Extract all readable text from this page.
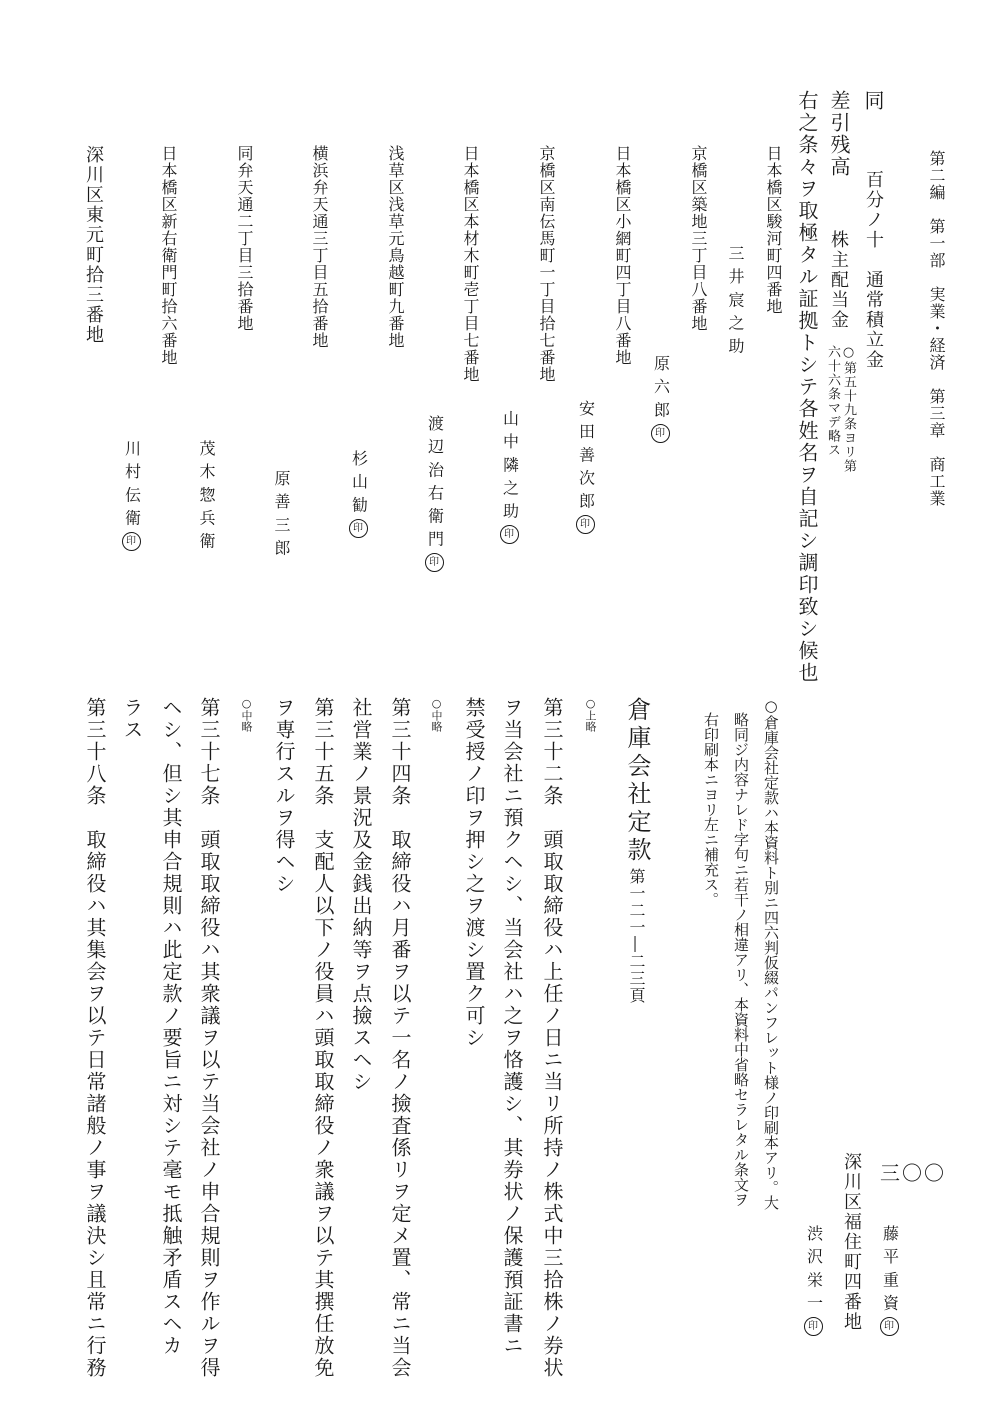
第二編　第一部　実業・経済　第三章　商工業
三〇〇
同
百分ノ十
通常積立金
差引残高
株主配当金
○第五十九条ヨリ第
六十六条マデ略ス
右之条々ヲ取極タル証拠トシテ各姓名ヲ自記シ調印致シ候也
日本橋区駿河町四番地
三 井 宸 之 助
京橋区築地三丁目八番地
原 六 郎印
日本橋区小網町四丁目八番地
安 田 善 次 郎印
京橋区南伝馬町一丁目拾七番地
山 中 隣 之 助印
日本橋区本材木町壱丁目七番地
渡 辺 治 右 衛 門印
浅草区浅草元鳥越町九番地
杉 山 勧印
横浜弁天通三丁目五拾番地
原 善 三 郎
同弁天通二丁目三拾番地
茂 木 惣 兵 衛
日本橋区新右衛門町拾六番地
川 村 伝 衛印
深川区東元町拾三番地
藤 平 重 資印
深川区福住町四番地
渋 沢 栄 一印
○倉庫会社定款ハ本資料ト別ニ四六判仮綴パンフレット様ノ印刷本アリ。大
略同ジ内容ナレド字句ニ若干ノ相違アリ、本資料中省略セラレタル条文ヲ
右印刷本ニヨリ左ニ補充ス。
倉庫会社定款
第一二一―二三頁
○上略
第三十二条　頭取取締役ハ上任ノ日ニ当リ所持ノ株式中三拾株ノ券状
ヲ当会社ニ預クヘシ、当会社ハ之ヲ恪護シ、其券状ノ保護預証書ニ
禁受授ノ印ヲ押シ之ヲ渡シ置ク可シ
○中略
第三十四条　取締役ハ月番ヲ以テ一名ノ撿査係リヲ定メ置、常ニ当会
社営業ノ景況及金銭出納等ヲ点撿スヘシ
第三十五条　支配人以下ノ役員ハ頭取取締役ノ衆議ヲ以テ其撰任放免
ヲ専行スルヲ得ヘシ
○中略
第三十七条　頭取取締役ハ其衆議ヲ以テ当会社ノ申合規則ヲ作ルヲ得
ヘシ、但シ其申合規則ハ此定款ノ要旨ニ対シテ毫モ抵触矛盾スヘカ
ラス
第三十八条　取締役ハ其集会ヲ以テ日常諸般ノ事ヲ議決シ且常ニ行務
